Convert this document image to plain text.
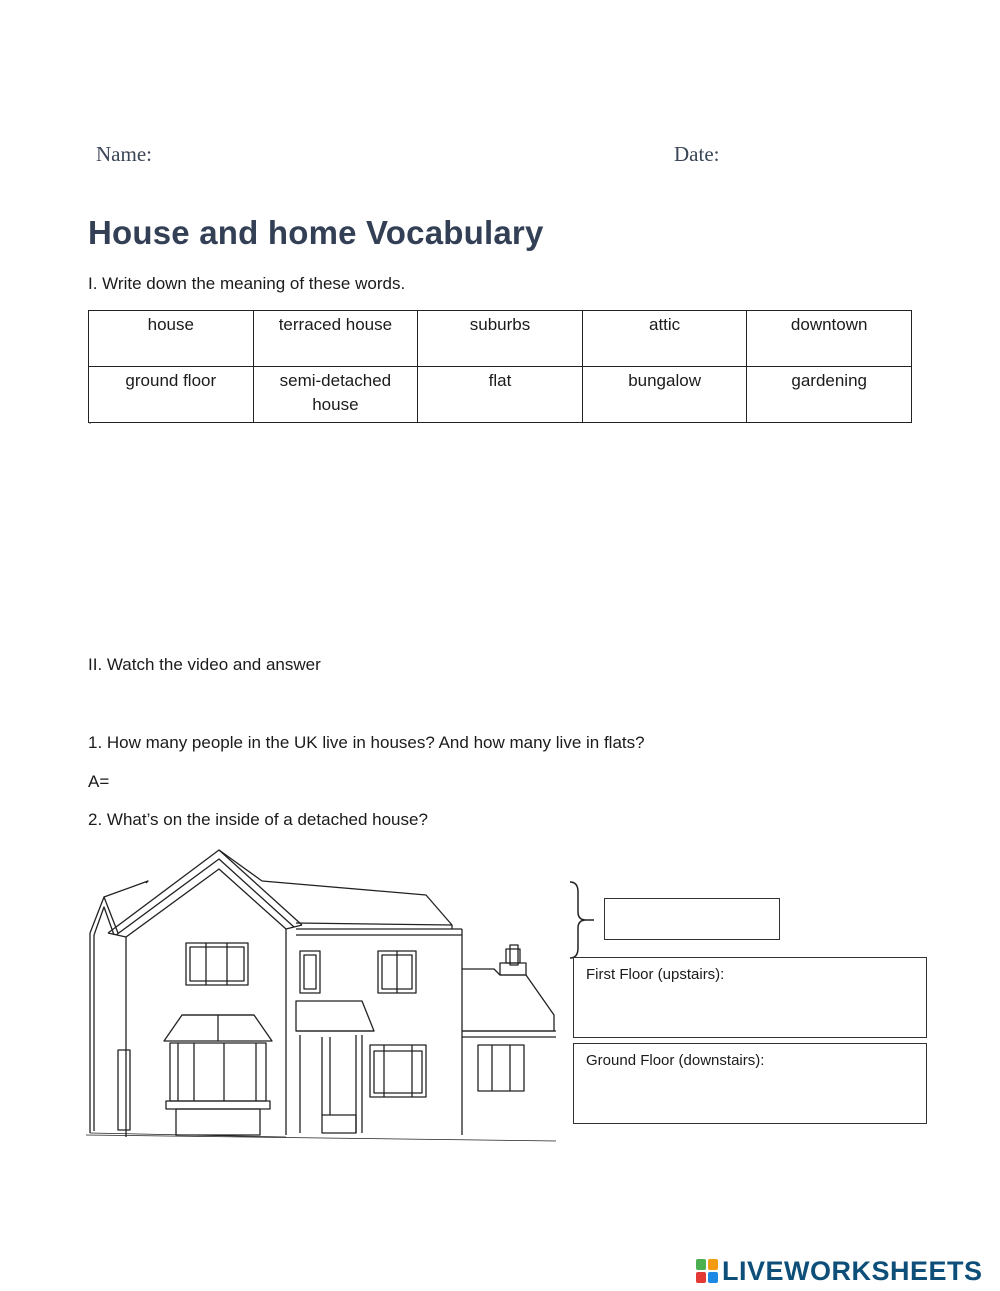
Name:	Date:
House and home Vocabulary
I. Write down the meaning of these words.
house	terraced house	suburbs	attic	downtown
ground floor	semi-detached house	flat	bungalow	gardening
´
II. Watch the video and answer
1. How many people in the UK live in houses? And how many live in flats?
A=
2. What’s on the inside of a detached house?
First Floor (upstairs):
Ground Floor (downstairs):
LIVEWORKSHEETS
